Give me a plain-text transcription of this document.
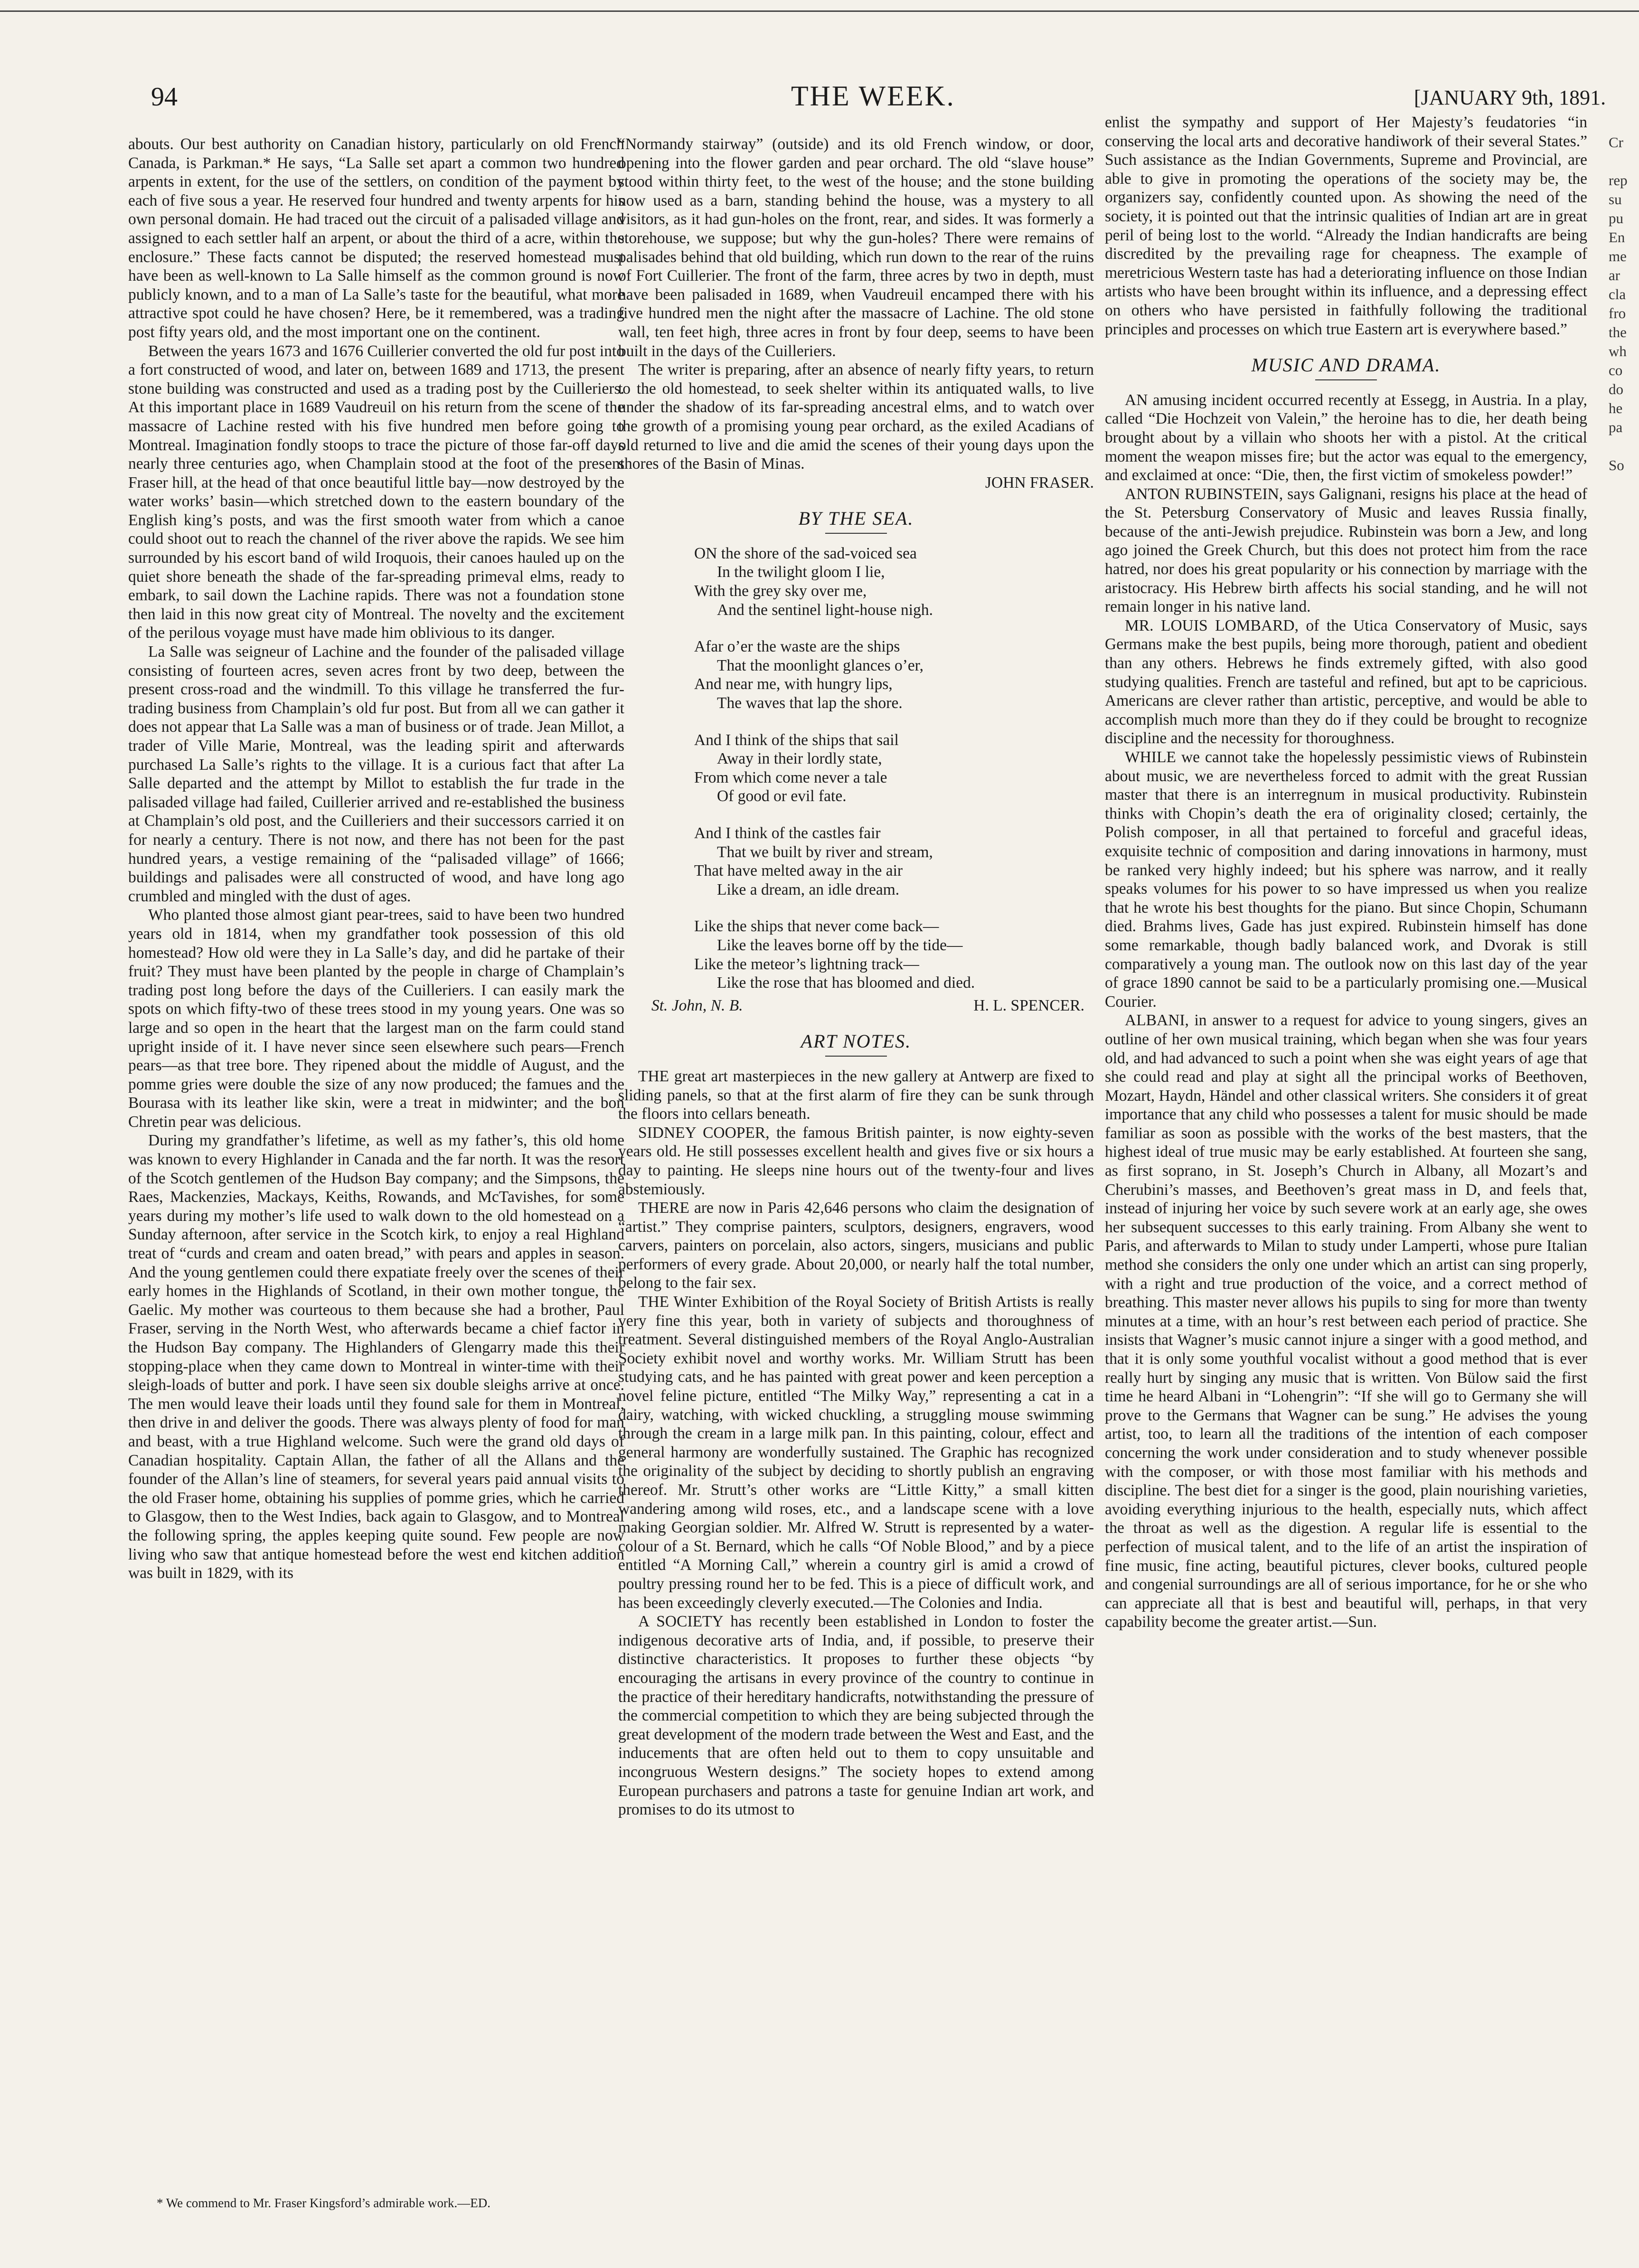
94	THE WEEK.	[JANUARY 9th, 1891.

abouts. Our best authority on Canadian history, particularly on old French Canada, is Parkman.* He says, “La Salle set apart a common two hundred arpents in extent, for the use of the settlers, on condition of the payment by each of five sous a year. He reserved four hundred and twenty arpents for his own personal domain. He had traced out the circuit of a palisaded village and assigned to each settler half an arpent, or about the third of a acre, within the enclosure.” These facts cannot be disputed; the reserved homestead must have been as well-known to La Salle himself as the common ground is now publicly known, and to a man of La Salle’s taste for the beautiful, what more attractive spot could he have chosen? Here, be it remembered, was a trading post fifty years old, and the most important one on the continent.

Between the years 1673 and 1676 Cuillerier converted the old fur post into a fort constructed of wood, and later on, between 1689 and 1713, the present stone building was constructed and used as a trading post by the Cuilleriers. At this important place in 1689 Vaudreuil on his return from the scene of the massacre of Lachine rested with his five hundred men before going to Montreal. Imagination fondly stoops to trace the picture of those far-off days nearly three centuries ago, when Champlain stood at the foot of the present Fraser hill, at the head of that once beautiful little bay—now destroyed by the water works’ basin—which stretched down to the eastern boundary of the English king’s posts, and was the first smooth water from which a canoe could shoot out to reach the channel of the river above the rapids. We see him surrounded by his escort band of wild Iroquois, their canoes hauled up on the quiet shore beneath the shade of the far-spreading primeval elms, ready to embark, to sail down the Lachine rapids. There was not a foundation stone then laid in this now great city of Montreal. The novelty and the excitement of the perilous voyage must have made him oblivious to its danger.

La Salle was seigneur of Lachine and the founder of the palisaded village consisting of fourteen acres, seven acres front by two deep, between the present cross-road and the windmill. To this village he transferred the fur-trading business from Champlain’s old fur post. But from all we can gather it does not appear that La Salle was a man of business or of trade. Jean Millot, a trader of Ville Marie, Montreal, was the leading spirit and afterwards purchased La Salle’s rights to the village. It is a curious fact that after La Salle departed and the attempt by Millot to establish the fur trade in the palisaded village had failed, Cuillerier arrived and re-established the business at Champlain’s old post, and the Cuilleriers and their successors carried it on for nearly a century. There is not now, and there has not been for the past hundred years, a vestige remaining of the “palisaded village” of 1666; buildings and palisades were all constructed of wood, and have long ago crumbled and mingled with the dust of ages.

Who planted those almost giant pear-trees, said to have been two hundred years old in 1814, when my grandfather took possession of this old homestead? How old were they in La Salle’s day, and did he partake of their fruit? They must have been planted by the people in charge of Champlain’s trading post long before the days of the Cuilleriers. I can easily mark the spots on which fifty-two of these trees stood in my young years. One was so large and so open in the heart that the largest man on the farm could stand upright inside of it. I have never since seen elsewhere such pears—French pears—as that tree bore. They ripened about the middle of August, and the pomme gries were double the size of any now produced; the famues and the Bourasa with its leather like skin, were a treat in midwinter; and the bon Chretin pear was delicious.

During my grandfather’s lifetime, as well as my father’s, this old home was known to every Highlander in Canada and the far north. It was the resort of the Scotch gentlemen of the Hudson Bay company; and the Simpsons, the Raes, Mackenzies, Mackays, Keiths, Rowands, and McTavishes, for some years during my mother’s life used to walk down to the old homestead on a Sunday afternoon, after service in the Scotch kirk, to enjoy a real Highland treat of “curds and cream and oaten bread,” with pears and apples in season. And the young gentlemen could there expatiate freely over the scenes of their early homes in the Highlands of Scotland, in their own mother tongue, the Gaelic. My mother was courteous to them because she had a brother, Paul Fraser, serving in the North West, who afterwards became a chief factor in the Hudson Bay company. The Highlanders of Glengarry made this their stopping-place when they came down to Montreal in winter-time with their sleigh-loads of butter and pork. I have seen six double sleighs arrive at once. The men would leave their loads until they found sale for them in Montreal, then drive in and deliver the goods. There was always plenty of food for man and beast, with a true Highland welcome. Such were the grand old days of Canadian hospitality. Captain Allan, the father of all the Allans and the founder of the Allan’s line of steamers, for several years paid annual visits to the old Fraser home, obtaining his supplies of pomme gries, which he carried to Glasgow, then to the West Indies, back again to Glasgow, and to Montreal the following spring, the apples keeping quite sound. Few people are now living who saw that antique homestead before the west end kitchen addition was built in 1829, with its

* We commend to Mr. Fraser Kingsford’s admirable work.—ED.

“Normandy stairway” (outside) and its old French window, or door, opening into the flower garden and pear orchard. The old “slave house” stood within thirty feet, to the west of the house; and the stone building now used as a barn, standing behind the house, was a mystery to all visitors, as it had gun-holes on the front, rear, and sides. It was formerly a storehouse, we suppose; but why the gun-holes? There were remains of palisades behind that old building, which run down to the rear of the ruins of Fort Cuillerier. The front of the farm, three acres by two in depth, must have been palisaded in 1689, when Vaudreuil encamped there with his five hundred men the night after the massacre of Lachine. The old stone wall, ten feet high, three acres in front by four deep, seems to have been built in the days of the Cuilleriers.

The writer is preparing, after an absence of nearly fifty years, to return to the old homestead, to seek shelter within its antiquated walls, to live under the shadow of its far-spreading ancestral elms, and to watch over the growth of a promising young pear orchard, as the exiled Acadians of old returned to live and die amid the scenes of their young days upon the shores of the Basin of Minas.

JOHN FRASER.

BY THE SEA.
ON the shore of the sad-voiced sea
In the twilight gloom I lie,
With the grey sky over me,
And the sentinel light-house nigh.
Afar o’er the waste are the ships
That the moonlight glances o’er,
And near me, with hungry lips,
The waves that lap the shore.
And I think of the ships that sail
Away in their lordly state,
From which come never a tale
Of good or evil fate.
And I think of the castles fair
That we built by river and stream,
That have melted away in the air
Like a dream, an idle dream.
Like the ships that never come back—
Like the leaves borne off by the tide—
Like the meteor’s lightning track—
Like the rose that has bloomed and died.
St. John, N. B.	H. L. SPENCER.
ART NOTES.

THE great art masterpieces in the new gallery at Antwerp are fixed to sliding panels, so that at the first alarm of fire they can be sunk through the floors into cellars beneath.

SIDNEY COOPER, the famous British painter, is now eighty-seven years old. He still possesses excellent health and gives five or six hours a day to painting. He sleeps nine hours out of the twenty-four and lives abstemiously.

THERE are now in Paris 42,646 persons who claim the designation of “artist.” They comprise painters, sculptors, designers, engravers, wood carvers, painters on porcelain, also actors, singers, musicians and public performers of every grade. About 20,000, or nearly half the total number, belong to the fair sex.

THE Winter Exhibition of the Royal Society of British Artists is really very fine this year, both in variety of subjects and thoroughness of treatment. Several distinguished members of the Royal Anglo-Australian Society exhibit novel and worthy works. Mr. William Strutt has been studying cats, and he has painted with great power and keen perception a novel feline picture, entitled “The Milky Way,” representing a cat in a dairy, watching, with wicked chuckling, a struggling mouse swimming through the cream in a large milk pan. In this painting, colour, effect and general harmony are wonderfully sustained. The Graphic has recognized the originality of the subject by deciding to shortly publish an engraving thereof. Mr. Strutt’s other works are “Little Kitty,” a small kitten wandering among wild roses, etc., and a landscape scene with a love making Georgian soldier. Mr. Alfred W. Strutt is represented by a water-colour of a St. Bernard, which he calls “Of Noble Blood,” and by a piece entitled “A Morning Call,” wherein a country girl is amid a crowd of poultry pressing round her to be fed. This is a piece of difficult work, and has been exceedingly cleverly executed.—The Colonies and India.

A SOCIETY has recently been established in London to foster the indigenous decorative arts of India, and, if possible, to preserve their distinctive characteristics. It proposes to further these objects “by encouraging the artisans in every province of the country to continue in the practice of their hereditary handicrafts, notwithstanding the pressure of the commercial competition to which they are being subjected through the great development of the modern trade between the West and East, and the inducements that are often held out to them to copy unsuitable and incongruous Western designs.” The society hopes to extend among European purchasers and patrons a taste for genuine Indian art work, and promises to do its utmost to

enlist the sympathy and support of Her Majesty’s feudatories “in conserving the local arts and decorative handiwork of their several States.” Such assistance as the Indian Governments, Supreme and Provincial, are able to give in promoting the operations of the society may be, the organizers say, confidently counted upon. As showing the need of the society, it is pointed out that the intrinsic qualities of Indian art are in great peril of being lost to the world. “Already the Indian handicrafts are being discredited by the prevailing rage for cheapness. The example of meretricious Western taste has had a deteriorating influence on those Indian artists who have been brought within its influence, and a depressing effect on others who have persisted in faithfully following the traditional principles and processes on which true Eastern art is everywhere based.”

MUSIC AND DRAMA.

AN amusing incident occurred recently at Essegg, in Austria. In a play, called “Die Hochzeit von Valein,” the heroine has to die, her death being brought about by a villain who shoots her with a pistol. At the critical moment the weapon misses fire; but the actor was equal to the emergency, and exclaimed at once: “Die, then, the first victim of smokeless powder!”

ANTON RUBINSTEIN, says Galignani, resigns his place at the head of the St. Petersburg Conservatory of Music and leaves Russia finally, because of the anti-Jewish prejudice. Rubinstein was born a Jew, and long ago joined the Greek Church, but this does not protect him from the race hatred, nor does his great popularity or his connection by marriage with the aristocracy. His Hebrew birth affects his social standing, and he will not remain longer in his native land.

MR. LOUIS LOMBARD, of the Utica Conservatory of Music, says Germans make the best pupils, being more thorough, patient and obedient than any others. Hebrews he finds extremely gifted, with also good studying qualities. French are tasteful and refined, but apt to be capricious. Americans are clever rather than artistic, perceptive, and would be able to accomplish much more than they do if they could be brought to recognize discipline and the necessity for thoroughness.

WHILE we cannot take the hopelessly pessimistic views of Rubinstein about music, we are nevertheless forced to admit with the great Russian master that there is an interregnum in musical productivity. Rubinstein thinks with Chopin’s death the era of originality closed; certainly, the Polish composer, in all that pertained to forceful and graceful ideas, exquisite technic of composition and daring innovations in harmony, must be ranked very highly indeed; but his sphere was narrow, and it really speaks volumes for his power to so have impressed us when you realize that he wrote his best thoughts for the piano. But since Chopin, Schumann died. Brahms lives, Gade has just expired. Rubinstein himself has done some remarkable, though badly balanced work, and Dvorak is still comparatively a young man. The outlook now on this last day of the year of grace 1890 cannot be said to be a particularly promising one.—Musical Courier.

ALBANI, in answer to a request for advice to young singers, gives an outline of her own musical training, which began when she was four years old, and had advanced to such a point when she was eight years of age that she could read and play at sight all the principal works of Beethoven, Mozart, Haydn, Händel and other classical writers. She considers it of great importance that any child who possesses a talent for music should be made familiar as soon as possible with the works of the best masters, that the highest ideal of true music may be early established. At fourteen she sang, as first soprano, in St. Joseph’s Church in Albany, all Mozart’s and Cherubini’s masses, and Beethoven’s great mass in D, and feels that, instead of injuring her voice by such severe work at an early age, she owes her subsequent successes to this early training. From Albany she went to Paris, and afterwards to Milan to study under Lamperti, whose pure Italian method she considers the only one under which an artist can sing properly, with a right and true production of the voice, and a correct method of breathing. This master never allows his pupils to sing for more than twenty minutes at a time, with an hour’s rest between each period of practice. She insists that Wagner’s music cannot injure a singer with a good method, and that it is only some youthful vocalist without a good method that is ever really hurt by singing any music that is written. Von Bülow said the first time he heard Albani in “Lohengrin”: “If she will go to Germany she will prove to the Germans that Wagner can be sung.” He advises the young artist, too, to learn all the traditions of the intention of each composer concerning the work under consideration and to study whenever possible with the composer, or with those most familiar with his methods and discipline. The best diet for a singer is the good, plain nourishing varieties, avoiding everything injurious to the health, especially nuts, which affect the throat as well as the digestion. A regular life is essential to the perfection of musical talent, and to the life of an artist the inspiration of fine music, fine acting, beautiful pictures, clever books, cultured people and congenial surroundings are all of serious importance, for he or she who can appreciate all that is best and beautiful will, perhaps, in that very capability become the greater artist.—Sun.

Cr
rep
su
pu
En
me
ar
cla
fro
the
wh
co
do
he
pa
So
